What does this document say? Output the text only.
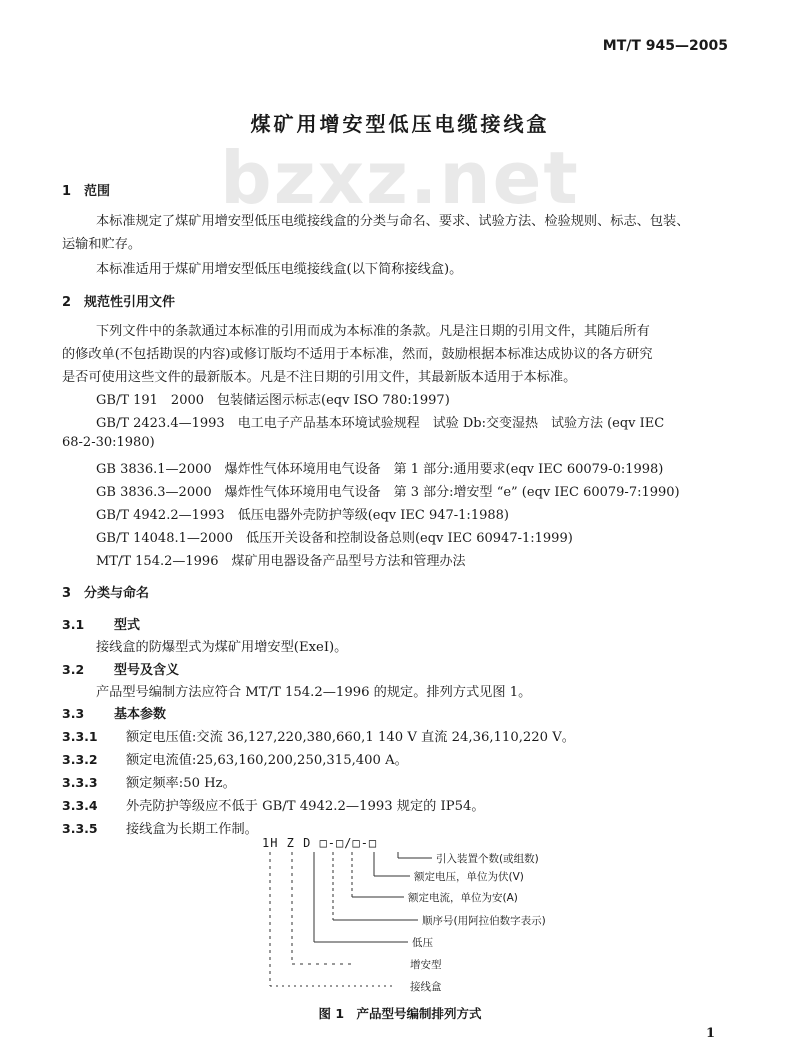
MT/T 945—2005
bzxz.net
煤矿用增安型低压电缆接线盒
1　范围
本标准规定了煤矿用增安型低压电缆接线盒的分类与命名、要求、试验方法、检验规则、标志、包装、
运输和贮存。
本标准适用于煤矿用增安型低压电缆接线盒(以下简称接线盒)。
2　规范性引用文件
下列文件中的条款通过本标准的引用而成为本标准的条款。凡是注日期的引用文件，其随后所有
的修改单(不包括勘误的内容)或修订版均不适用于本标准，然而，鼓励根据本标准达成协议的各方研究
是否可使用这些文件的最新版本。凡是不注日期的引用文件，其最新版本适用于本标准。
GB/T 191　2000　包装储运图示标志(eqv ISO 780:1997)
GB/T 2423.4—1993　电工电子产品基本环境试验规程　试验 Db:交变湿热　试验方法 (eqv IEC
68-2-30:1980)
GB 3836.1—2000　爆炸性气体环境用电气设备　第 1 部分:通用要求(eqv IEC 60079-0:1998)
GB 3836.3—2000　爆炸性气体环境用电气设备　第 3 部分:增安型 “e” (eqv IEC 60079-7:1990)
GB/T 4942.2—1993　低压电器外壳防护等级(eqv IEC 947-1:1988)
GB/T 14048.1—2000　低压开关设备和控制设备总则(eqv IEC 60947-1:1999)
MT/T 154.2—1996　煤矿用电器设备产品型号方法和管理办法
3　分类与命名
3.1 型式
接线盒的防爆型式为煤矿用增安型(ExeI)。
3.2 型号及含义
产品型号编制方法应符合 MT/T 154.2—1996 的规定。排列方式见图 1。
3.3 基本参数
3.3.1 额定电压值:交流 36,127,220,380,660,1 140 V 直流 24,36,110,220 V。
3.3.2 额定电流值:25,63,160,200,250,315,400 A。
3.3.3 额定频率:50 Hz。
3.3.4 外壳防护等级应不低于 GB/T 4942.2—1993 规定的 IP54。
3.3.5 接线盒为长期工作制。
1H Z D □-□/□-□
引入装置个数(或组数)
额定电压，单位为伏(V)
额定电流，单位为安(A)
顺序号(用阿拉伯数字表示)
低压
增安型
接线盒
图 1　产品型号编制排列方式
1
